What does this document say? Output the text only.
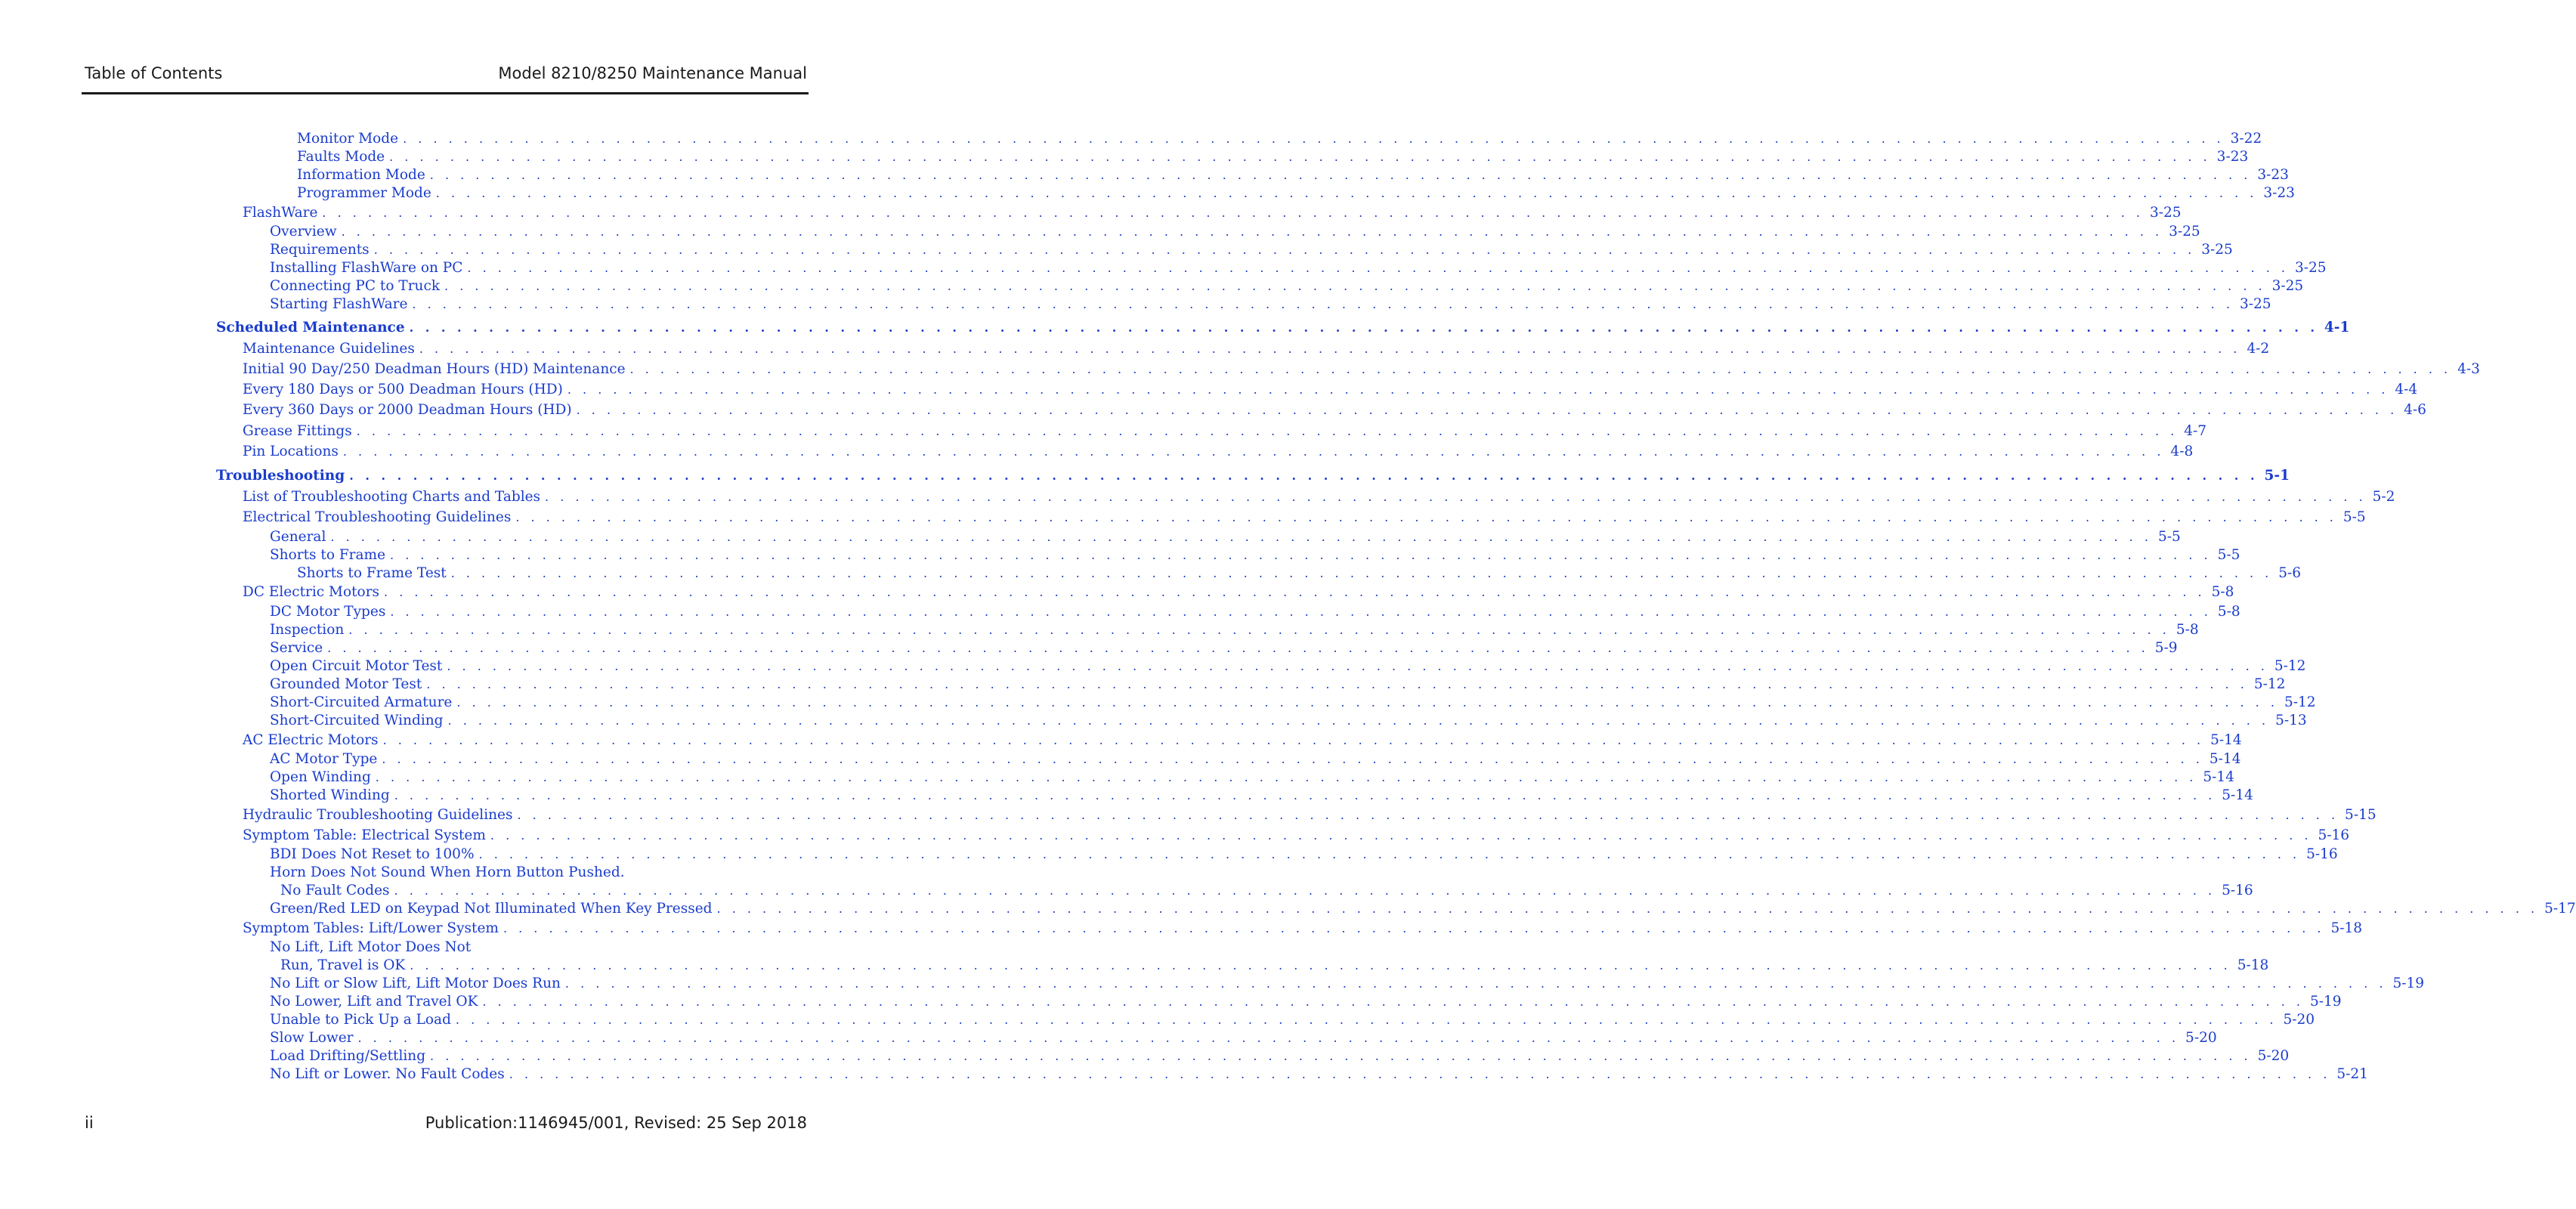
Table of Contents	Model 8210/8250 Maintenance Manual
Monitor Mode . . . . . . . . . . . . . . . . . . . . . . . . . . . . . . . . . . . . . . . . . . . . . . . . . . . . . . . . . . . . . . . . . . . . . . . . . . . . . . . . . . . . . . . . . . . . . . . . . . . . . . . . . . . . . . . . . . . . . . . . 3-22
Faults Mode . . . . . . . . . . . . . . . . . . . . . . . . . . . . . . . . . . . . . . . . . . . . . . . . . . . . . . . . . . . . . . . . . . . . . . . . . . . . . . . . . . . . . . . . . . . . . . . . . . . . . . . . . . . . . . . . . . . . . . . . 3-23
Information Mode . . . . . . . . . . . . . . . . . . . . . . . . . . . . . . . . . . . . . . . . . . . . . . . . . . . . . . . . . . . . . . . . . . . . . . . . . . . . . . . . . . . . . . . . . . . . . . . . . . . . . . . . . . . . . . . . . . . . . . . . 3-23
Programmer Mode . . . . . . . . . . . . . . . . . . . . . . . . . . . . . . . . . . . . . . . . . . . . . . . . . . . . . . . . . . . . . . . . . . . . . . . . . . . . . . . . . . . . . . . . . . . . . . . . . . . . . . . . . . . . . . . . . . . . . . . . 3-23
FlashWare . . . . . . . . . . . . . . . . . . . . . . . . . . . . . . . . . . . . . . . . . . . . . . . . . . . . . . . . . . . . . . . . . . . . . . . . . . . . . . . . . . . . . . . . . . . . . . . . . . . . . . . . . . . . . . . . . . . . . . . . 3-25
Overview . . . . . . . . . . . . . . . . . . . . . . . . . . . . . . . . . . . . . . . . . . . . . . . . . . . . . . . . . . . . . . . . . . . . . . . . . . . . . . . . . . . . . . . . . . . . . . . . . . . . . . . . . . . . . . . . . . . . . . . . 3-25
Requirements . . . . . . . . . . . . . . . . . . . . . . . . . . . . . . . . . . . . . . . . . . . . . . . . . . . . . . . . . . . . . . . . . . . . . . . . . . . . . . . . . . . . . . . . . . . . . . . . . . . . . . . . . . . . . . . . . . . . . . . . 3-25
Installing FlashWare on PC . . . . . . . . . . . . . . . . . . . . . . . . . . . . . . . . . . . . . . . . . . . . . . . . . . . . . . . . . . . . . . . . . . . . . . . . . . . . . . . . . . . . . . . . . . . . . . . . . . . . . . . . . . . . . . . . . . . . . . . . 3-25
Connecting PC to Truck . . . . . . . . . . . . . . . . . . . . . . . . . . . . . . . . . . . . . . . . . . . . . . . . . . . . . . . . . . . . . . . . . . . . . . . . . . . . . . . . . . . . . . . . . . . . . . . . . . . . . . . . . . . . . . . . . . . . . . . . 3-25
Starting FlashWare . . . . . . . . . . . . . . . . . . . . . . . . . . . . . . . . . . . . . . . . . . . . . . . . . . . . . . . . . . . . . . . . . . . . . . . . . . . . . . . . . . . . . . . . . . . . . . . . . . . . . . . . . . . . . . . . . . . . . . . . 3-25
Scheduled Maintenance . . . . . . . . . . . . . . . . . . . . . . . . . . . . . . . . . . . . . . . . . . . . . . . . . . . . . . . . . . . . . . . . . . . . . . . . . . . . . . . . . . . . . . . . . . . . . . . . . . . . . . . . . . . . . . . . . . . . . . . . 4-1
Maintenance Guidelines . . . . . . . . . . . . . . . . . . . . . . . . . . . . . . . . . . . . . . . . . . . . . . . . . . . . . . . . . . . . . . . . . . . . . . . . . . . . . . . . . . . . . . . . . . . . . . . . . . . . . . . . . . . . . . . . . . . . . . . . 4-2
Initial 90 Day/250 Deadman Hours (HD) Maintenance . . . . . . . . . . . . . . . . . . . . . . . . . . . . . . . . . . . . . . . . . . . . . . . . . . . . . . . . . . . . . . . . . . . . . . . . . . . . . . . . . . . . . . . . . . . . . . . . . . . . . . . . . . . . . . . . . . . . . . . . 4-3
Every 180 Days or 500 Deadman Hours (HD) . . . . . . . . . . . . . . . . . . . . . . . . . . . . . . . . . . . . . . . . . . . . . . . . . . . . . . . . . . . . . . . . . . . . . . . . . . . . . . . . . . . . . . . . . . . . . . . . . . . . . . . . . . . . . . . . . . . . . . . . 4-4
Every 360 Days or 2000 Deadman Hours (HD) . . . . . . . . . . . . . . . . . . . . . . . . . . . . . . . . . . . . . . . . . . . . . . . . . . . . . . . . . . . . . . . . . . . . . . . . . . . . . . . . . . . . . . . . . . . . . . . . . . . . . . . . . . . . . . . . . . . . . . . . 4-6
Grease Fittings . . . . . . . . . . . . . . . . . . . . . . . . . . . . . . . . . . . . . . . . . . . . . . . . . . . . . . . . . . . . . . . . . . . . . . . . . . . . . . . . . . . . . . . . . . . . . . . . . . . . . . . . . . . . . . . . . . . . . . . . 4-7
Pin Locations . . . . . . . . . . . . . . . . . . . . . . . . . . . . . . . . . . . . . . . . . . . . . . . . . . . . . . . . . . . . . . . . . . . . . . . . . . . . . . . . . . . . . . . . . . . . . . . . . . . . . . . . . . . . . . . . . . . . . . . . 4-8
Troubleshooting . . . . . . . . . . . . . . . . . . . . . . . . . . . . . . . . . . . . . . . . . . . . . . . . . . . . . . . . . . . . . . . . . . . . . . . . . . . . . . . . . . . . . . . . . . . . . . . . . . . . . . . . . . . . . . . . . . . . . . . . 5-1
List of Troubleshooting Charts and Tables . . . . . . . . . . . . . . . . . . . . . . . . . . . . . . . . . . . . . . . . . . . . . . . . . . . . . . . . . . . . . . . . . . . . . . . . . . . . . . . . . . . . . . . . . . . . . . . . . . . . . . . . . . . . . . . . . . . . . . . . 5-2
Electrical Troubleshooting Guidelines . . . . . . . . . . . . . . . . . . . . . . . . . . . . . . . . . . . . . . . . . . . . . . . . . . . . . . . . . . . . . . . . . . . . . . . . . . . . . . . . . . . . . . . . . . . . . . . . . . . . . . . . . . . . . . . . . . . . . . . . 5-5
General . . . . . . . . . . . . . . . . . . . . . . . . . . . . . . . . . . . . . . . . . . . . . . . . . . . . . . . . . . . . . . . . . . . . . . . . . . . . . . . . . . . . . . . . . . . . . . . . . . . . . . . . . . . . . . . . . . . . . . . . 5-5
Shorts to Frame . . . . . . . . . . . . . . . . . . . . . . . . . . . . . . . . . . . . . . . . . . . . . . . . . . . . . . . . . . . . . . . . . . . . . . . . . . . . . . . . . . . . . . . . . . . . . . . . . . . . . . . . . . . . . . . . . . . . . . . . 5-5
Shorts to Frame Test . . . . . . . . . . . . . . . . . . . . . . . . . . . . . . . . . . . . . . . . . . . . . . . . . . . . . . . . . . . . . . . . . . . . . . . . . . . . . . . . . . . . . . . . . . . . . . . . . . . . . . . . . . . . . . . . . . . . . . . . 5-6
DC Electric Motors . . . . . . . . . . . . . . . . . . . . . . . . . . . . . . . . . . . . . . . . . . . . . . . . . . . . . . . . . . . . . . . . . . . . . . . . . . . . . . . . . . . . . . . . . . . . . . . . . . . . . . . . . . . . . . . . . . . . . . . . 5-8
DC Motor Types . . . . . . . . . . . . . . . . . . . . . . . . . . . . . . . . . . . . . . . . . . . . . . . . . . . . . . . . . . . . . . . . . . . . . . . . . . . . . . . . . . . . . . . . . . . . . . . . . . . . . . . . . . . . . . . . . . . . . . . . 5-8
Inspection . . . . . . . . . . . . . . . . . . . . . . . . . . . . . . . . . . . . . . . . . . . . . . . . . . . . . . . . . . . . . . . . . . . . . . . . . . . . . . . . . . . . . . . . . . . . . . . . . . . . . . . . . . . . . . . . . . . . . . . . 5-8
Service . . . . . . . . . . . . . . . . . . . . . . . . . . . . . . . . . . . . . . . . . . . . . . . . . . . . . . . . . . . . . . . . . . . . . . . . . . . . . . . . . . . . . . . . . . . . . . . . . . . . . . . . . . . . . . . . . . . . . . . . 5-9
Open Circuit Motor Test . . . . . . . . . . . . . . . . . . . . . . . . . . . . . . . . . . . . . . . . . . . . . . . . . . . . . . . . . . . . . . . . . . . . . . . . . . . . . . . . . . . . . . . . . . . . . . . . . . . . . . . . . . . . . . . . . . . . . . . . 5-12
Grounded Motor Test . . . . . . . . . . . . . . . . . . . . . . . . . . . . . . . . . . . . . . . . . . . . . . . . . . . . . . . . . . . . . . . . . . . . . . . . . . . . . . . . . . . . . . . . . . . . . . . . . . . . . . . . . . . . . . . . . . . . . . . . 5-12
Short-Circuited Armature . . . . . . . . . . . . . . . . . . . . . . . . . . . . . . . . . . . . . . . . . . . . . . . . . . . . . . . . . . . . . . . . . . . . . . . . . . . . . . . . . . . . . . . . . . . . . . . . . . . . . . . . . . . . . . . . . . . . . . . . 5-12
Short-Circuited Winding . . . . . . . . . . . . . . . . . . . . . . . . . . . . . . . . . . . . . . . . . . . . . . . . . . . . . . . . . . . . . . . . . . . . . . . . . . . . . . . . . . . . . . . . . . . . . . . . . . . . . . . . . . . . . . . . . . . . . . . . 5-13
AC Electric Motors . . . . . . . . . . . . . . . . . . . . . . . . . . . . . . . . . . . . . . . . . . . . . . . . . . . . . . . . . . . . . . . . . . . . . . . . . . . . . . . . . . . . . . . . . . . . . . . . . . . . . . . . . . . . . . . . . . . . . . . . 5-14
AC Motor Type . . . . . . . . . . . . . . . . . . . . . . . . . . . . . . . . . . . . . . . . . . . . . . . . . . . . . . . . . . . . . . . . . . . . . . . . . . . . . . . . . . . . . . . . . . . . . . . . . . . . . . . . . . . . . . . . . . . . . . . . 5-14
Open Winding . . . . . . . . . . . . . . . . . . . . . . . . . . . . . . . . . . . . . . . . . . . . . . . . . . . . . . . . . . . . . . . . . . . . . . . . . . . . . . . . . . . . . . . . . . . . . . . . . . . . . . . . . . . . . . . . . . . . . . . . 5-14
Shorted Winding . . . . . . . . . . . . . . . . . . . . . . . . . . . . . . . . . . . . . . . . . . . . . . . . . . . . . . . . . . . . . . . . . . . . . . . . . . . . . . . . . . . . . . . . . . . . . . . . . . . . . . . . . . . . . . . . . . . . . . . . 5-14
Hydraulic Troubleshooting Guidelines . . . . . . . . . . . . . . . . . . . . . . . . . . . . . . . . . . . . . . . . . . . . . . . . . . . . . . . . . . . . . . . . . . . . . . . . . . . . . . . . . . . . . . . . . . . . . . . . . . . . . . . . . . . . . . . . . . . . . . . . 5-15
Symptom Table: Electrical System . . . . . . . . . . . . . . . . . . . . . . . . . . . . . . . . . . . . . . . . . . . . . . . . . . . . . . . . . . . . . . . . . . . . . . . . . . . . . . . . . . . . . . . . . . . . . . . . . . . . . . . . . . . . . . . . . . . . . . . . 5-16
BDI Does Not Reset to 100% . . . . . . . . . . . . . . . . . . . . . . . . . . . . . . . . . . . . . . . . . . . . . . . . . . . . . . . . . . . . . . . . . . . . . . . . . . . . . . . . . . . . . . . . . . . . . . . . . . . . . . . . . . . . . . . . . . . . . . . . 5-16
Horn Does Not Sound When Horn Button Pushed.
No Fault Codes . . . . . . . . . . . . . . . . . . . . . . . . . . . . . . . . . . . . . . . . . . . . . . . . . . . . . . . . . . . . . . . . . . . . . . . . . . . . . . . . . . . . . . . . . . . . . . . . . . . . . . . . . . . . . . . . . . . . . . . . 5-16
Green/Red LED on Keypad Not Illuminated When Key Pressed . . . . . . . . . . . . . . . . . . . . . . . . . . . . . . . . . . . . . . . . . . . . . . . . . . . . . . . . . . . . . . . . . . . . . . . . . . . . . . . . . . . . . . . . . . . . . . . . . . . . . . . . . . . . . . . . . . . . . . . . 5-17
Symptom Tables: Lift/Lower System . . . . . . . . . . . . . . . . . . . . . . . . . . . . . . . . . . . . . . . . . . . . . . . . . . . . . . . . . . . . . . . . . . . . . . . . . . . . . . . . . . . . . . . . . . . . . . . . . . . . . . . . . . . . . . . . . . . . . . . . 5-18
No Lift, Lift Motor Does Not
Run, Travel is OK . . . . . . . . . . . . . . . . . . . . . . . . . . . . . . . . . . . . . . . . . . . . . . . . . . . . . . . . . . . . . . . . . . . . . . . . . . . . . . . . . . . . . . . . . . . . . . . . . . . . . . . . . . . . . . . . . . . . . . . . 5-18
No Lift or Slow Lift, Lift Motor Does Run . . . . . . . . . . . . . . . . . . . . . . . . . . . . . . . . . . . . . . . . . . . . . . . . . . . . . . . . . . . . . . . . . . . . . . . . . . . . . . . . . . . . . . . . . . . . . . . . . . . . . . . . . . . . . . . . . . . . . . . . 5-19
No Lower, Lift and Travel OK . . . . . . . . . . . . . . . . . . . . . . . . . . . . . . . . . . . . . . . . . . . . . . . . . . . . . . . . . . . . . . . . . . . . . . . . . . . . . . . . . . . . . . . . . . . . . . . . . . . . . . . . . . . . . . . . . . . . . . . . 5-19
Unable to Pick Up a Load . . . . . . . . . . . . . . . . . . . . . . . . . . . . . . . . . . . . . . . . . . . . . . . . . . . . . . . . . . . . . . . . . . . . . . . . . . . . . . . . . . . . . . . . . . . . . . . . . . . . . . . . . . . . . . . . . . . . . . . . 5-20
Slow Lower . . . . . . . . . . . . . . . . . . . . . . . . . . . . . . . . . . . . . . . . . . . . . . . . . . . . . . . . . . . . . . . . . . . . . . . . . . . . . . . . . . . . . . . . . . . . . . . . . . . . . . . . . . . . . . . . . . . . . . . . 5-20
Load Drifting/Settling . . . . . . . . . . . . . . . . . . . . . . . . . . . . . . . . . . . . . . . . . . . . . . . . . . . . . . . . . . . . . . . . . . . . . . . . . . . . . . . . . . . . . . . . . . . . . . . . . . . . . . . . . . . . . . . . . . . . . . . . 5-20
No Lift or Lower. No Fault Codes . . . . . . . . . . . . . . . . . . . . . . . . . . . . . . . . . . . . . . . . . . . . . . . . . . . . . . . . . . . . . . . . . . . . . . . . . . . . . . . . . . . . . . . . . . . . . . . . . . . . . . . . . . . . . . . . . . . . . . . . 5-21
ii	Publication:1146945/001, Revised: 25 Sep 2018
